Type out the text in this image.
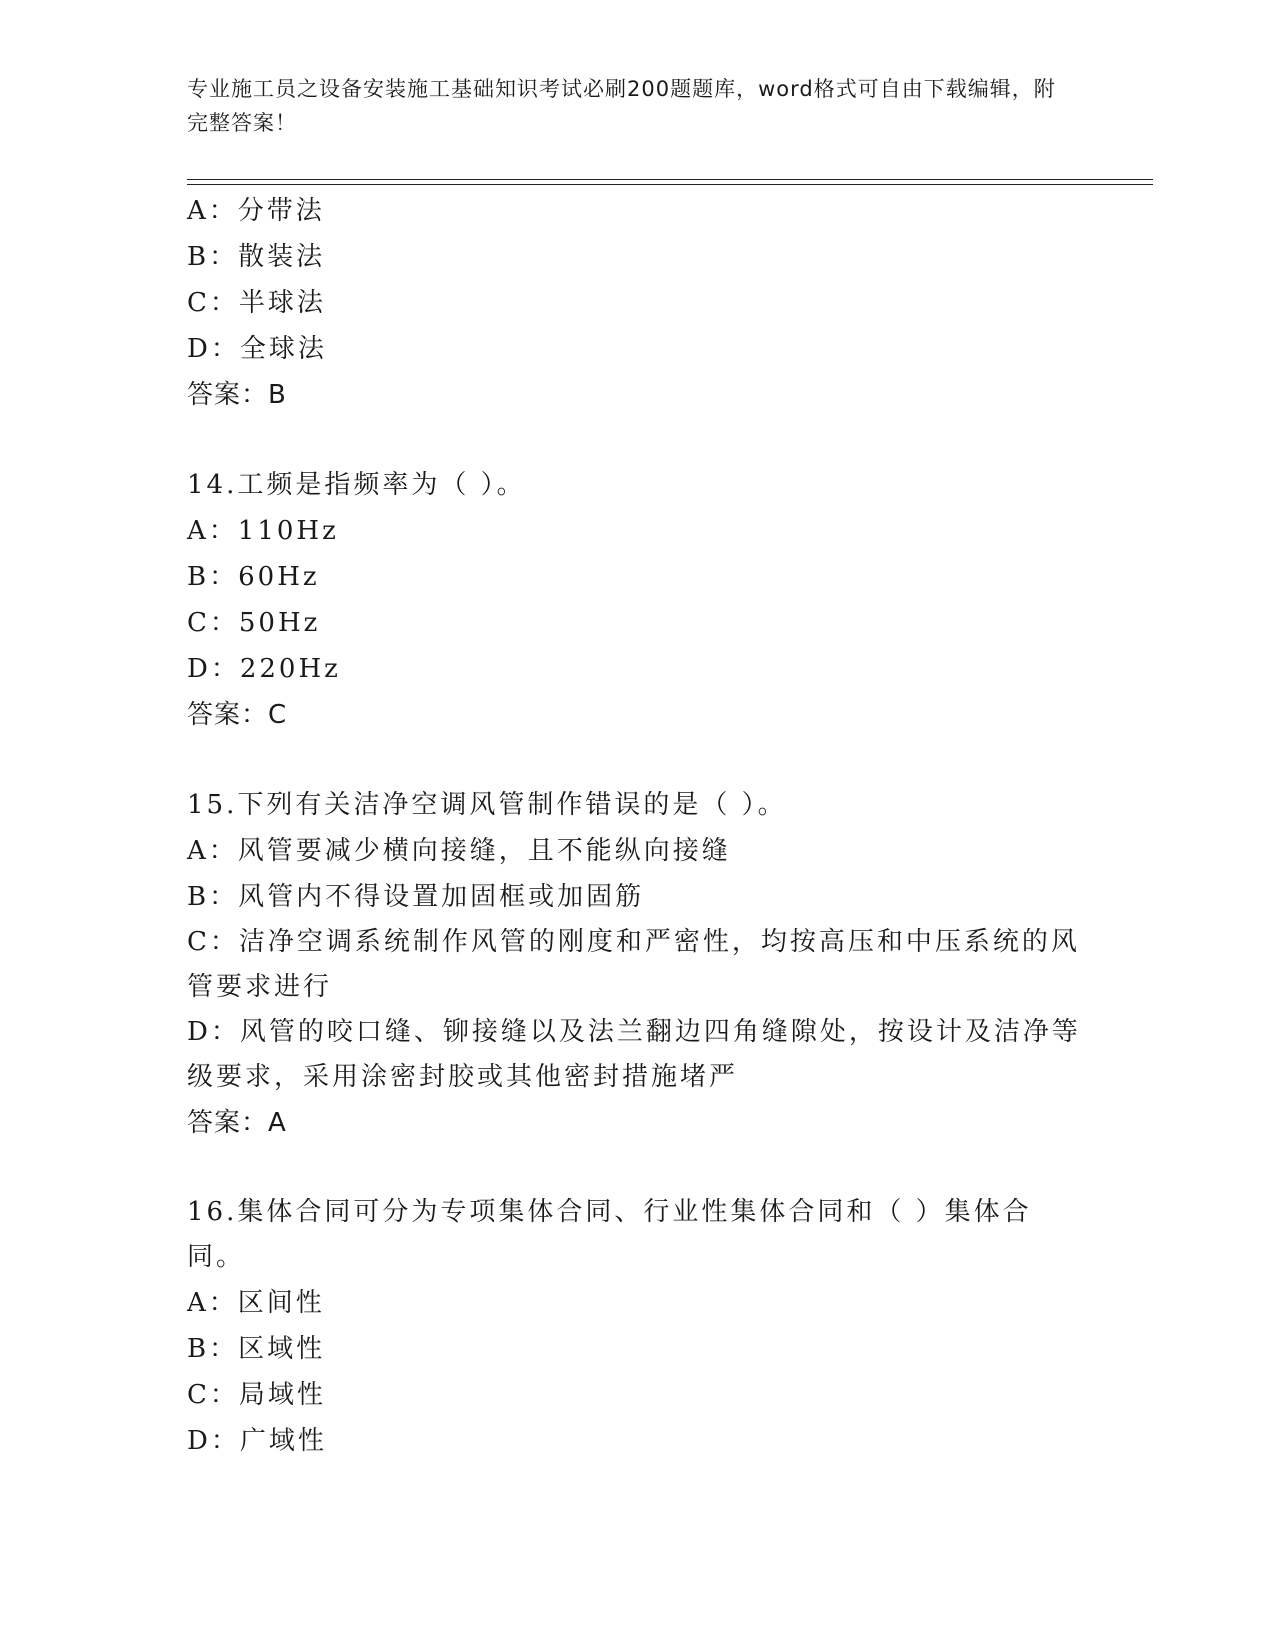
专业施工员之设备安装施工基础知识考试必刷200题题库，word格式可自由下载编辑，附完整答案！
A：分带法
B：散装法
C：半球法
D：全球法
答案：B
14.工频是指频率为（ ）。
A：110Hz
B：60Hz
C：50Hz
D：220Hz
答案：C
15.下列有关洁净空调风管制作错误的是（ ）。
A：风管要减少横向接缝，且不能纵向接缝
B：风管内不得设置加固框或加固筋
C：洁净空调系统制作风管的刚度和严密性，均按高压和中压系统的风管要求进行
D：风管的咬口缝、铆接缝以及法兰翻边四角缝隙处，按设计及洁净等级要求，采用涂密封胶或其他密封措施堵严
答案：A
16.集体合同可分为专项集体合同、行业性集体合同和（ ）集体合同。
A：区间性
B：区域性
C：局域性
D：广域性
